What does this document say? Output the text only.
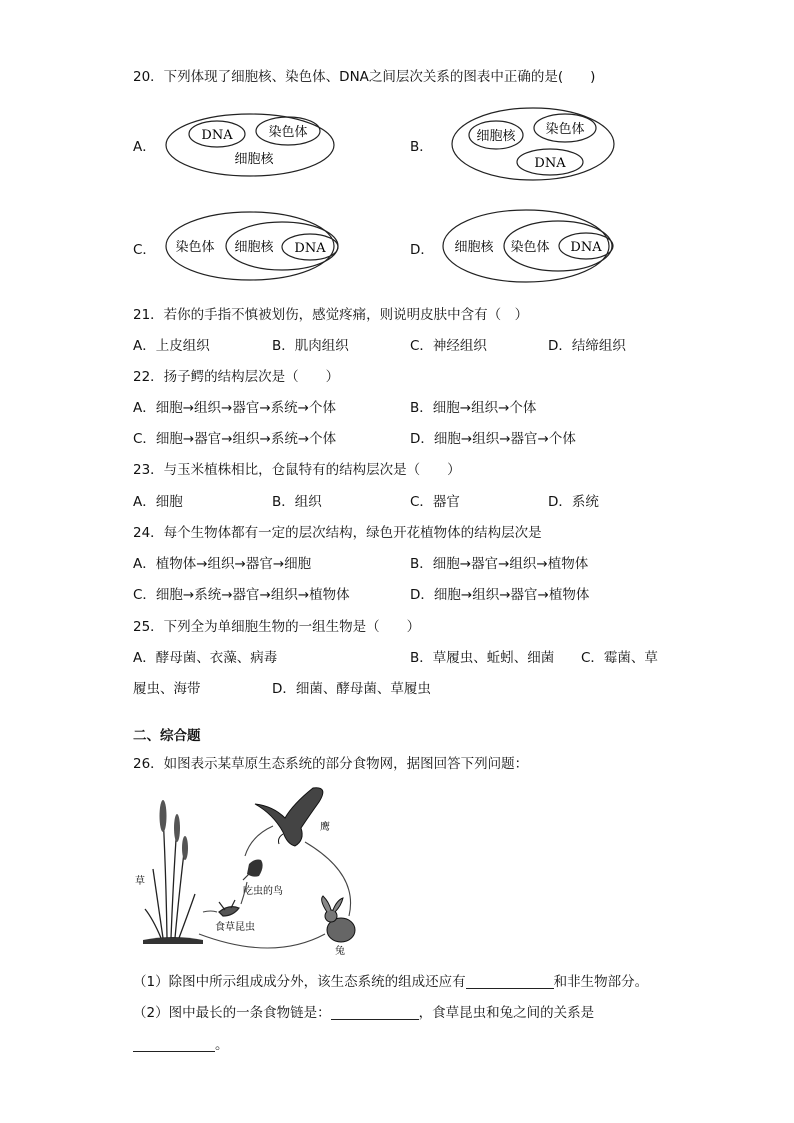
20．下列体现了细胞核、染色体、DNA之间层次关系的图表中正确的是(　　)
A．
DNA	染色体
细胞核
B．
细胞核 染色体
DNA
C． 染色体 细胞核 DNA	D． 细胞核 染色体 DNA
21．若你的手指不慎被划伤，感觉疼痛，则说明皮肤中含有（　）
A．上皮组织	B．肌肉组织	C．神经组织	D．结缔组织
22．扬子鳄的结构层次是（　　）
A．细胞→组织→器官→系统→个体	B．细胞→组织→个体
C．细胞→器官→组织→系统→个体	D．细胞→组织→器官→个体
23．与玉米植株相比，仓鼠特有的结构层次是（　　）
A．细胞	B．组织	C．器官	D．系统
24．每个生物体都有一定的层次结构，绿色开花植物体的结构层次是
A．植物体→组织→器官→细胞	B．细胞→器官→组织→植物体
C．细胞→系统→器官→组织→植物体	D．细胞→组织→器官→植物体
25．下列全为单细胞生物的一组生物是（　　）
A．酵母菌、衣藻、病毒	B．草履虫、蚯蚓、细菌 C．霉菌、草
履虫、海带	D．细菌、酵母菌、草履虫
二、综合题
26．如图表示某草原生态系统的部分食物网，据图回答下列问题：
草
鹰
吃虫的鸟
食草昆虫
兔
（1）除图中所示组成成分外，该生态系统的组成还应有	和非生物部分。
（2）图中最长的一条食物链是：	，食草昆虫和兔之间的关系是
。
